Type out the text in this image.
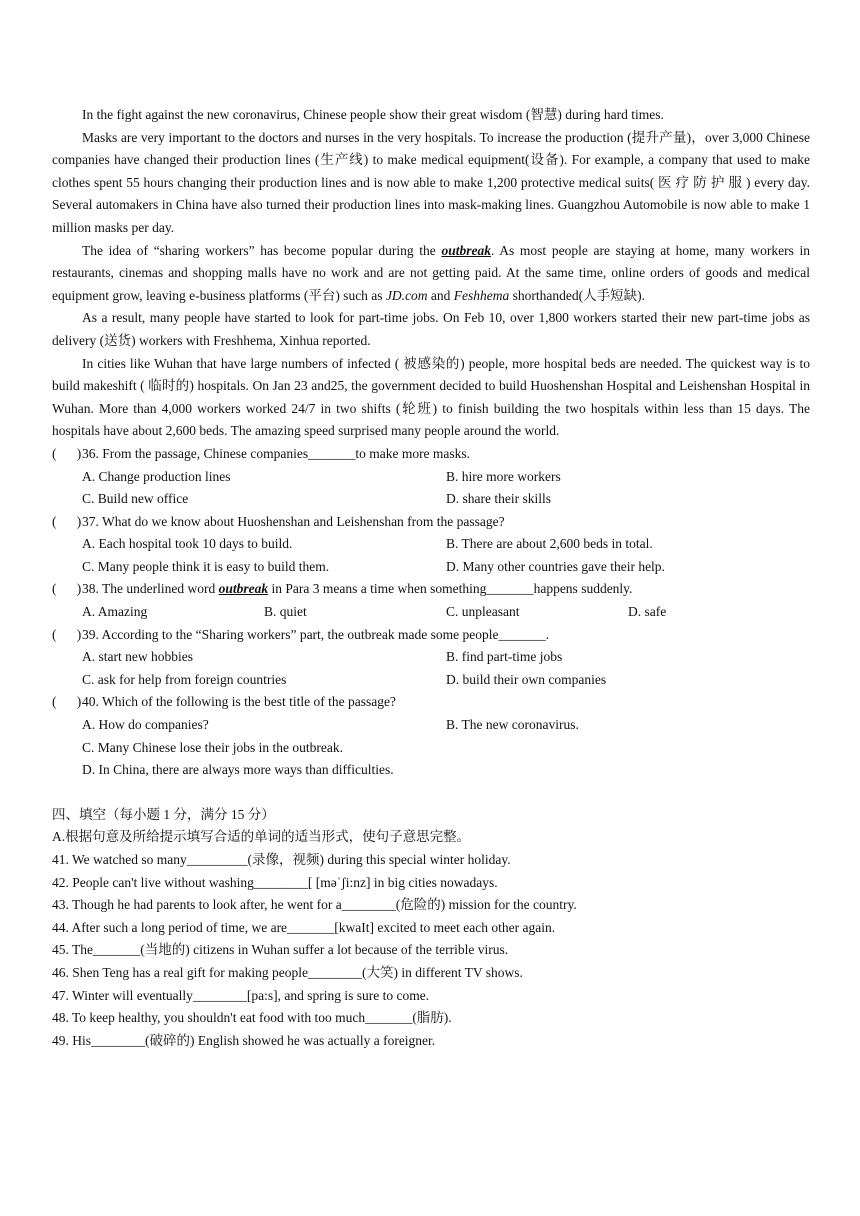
In the fight against the new coronavirus, Chinese people show their great wisdom (智慧) during hard times.

Masks are very important to the doctors and nurses in the very hospitals. To increase the production (提升产量)，over 3,000 Chinese companies have changed their production lines (生产线) to make medical equipment(设备). For example, a company that used to make clothes spent 55 hours changing their production lines and is now able to make 1,200 protective medical suits( 医 疗 防 护 服 ) every day. Several automakers in China have also turned their production lines into mask-making lines. Guangzhou Automobile is now able to make 1 million masks per day.

The idea of “sharing workers” has become popular during the outbreak. As most people are staying at home, many workers in restaurants, cinemas and shopping malls have no work and are not getting paid. At the same time, online orders of goods and medical equipment grow, leaving e-business platforms (平台) such as JD.com and Feshhema shorthanded(人手短缺).

As a result, many people have started to look for part-time jobs. On Feb 10, over 1,800 workers started their new part-time jobs as delivery (送货) workers with Freshhema, Xinhua reported.

In cities like Wuhan that have large numbers of infected ( 被感染的) people, more hospital beds are needed. The quickest way is to build makeshift ( 临时的) hospitals. On Jan 23 and25, the government decided to build Huoshenshan Hospital and Leishenshan Hospital in Wuhan. More than 4,000 workers worked 24/7 in two shifts (轮班) to finish building the two hospitals within less than 15 days. The hospitals have about 2,600 beds. The amazing speed surprised many people around the world.

(      ) 36. From the passage, Chinese companies_______to make more masks.
A. Change production lines	B. hire more workers
C. Build new office	D. share their skills
(      ) 37. What do we know about Huoshenshan and Leishenshan from the passage?
A. Each hospital took 10 days to build.	B. There are about 2,600 beds in total.
C. Many people think it is easy to build them.	D. Many other countries gave their help.
(      ) 38. The underlined word outbreak in Para 3 means a time when something_______happens suddenly.
A. Amazing	B. quiet	C. unpleasant	D. safe
(      ) 39. According to the “Sharing workers” part, the outbreak made some people_______.
A. start new hobbies	B. find part-time jobs
C. ask for help from foreign countries	D. build their own companies
(      ) 40. Which of the following is the best title of the passage?
A. How do companies?	B. The new coronavirus.
C. Many Chinese lose their jobs in the outbreak.
D. In China, there are always more ways than difficulties.

四、填空（每小题 1 分，满分 15 分）

A.根据句意及所给提示填写合适的单词的适当形式，使句子意思完整。

41. We watched so many_________(录像，视频) during this special winter holiday.

42. People can't live without washing________[ [məˈʃi:nz] in big cities nowadays.

43. Though he had parents to look after, he went for a________(危险的) mission for the country.

44. After such a long period of time, we are_______[kwaIt] excited to meet each other again.

45. The_______(当地的) citizens in Wuhan suffer a lot because of the terrible virus.

46. Shen Teng has a real gift for making people________(大笑) in different TV shows.

47. Winter will eventually________[pa:s], and spring is sure to come.

48. To keep healthy, you shouldn't eat food with too much_______(脂肪).

49. His________(破碎的) English showed he was actually a foreigner.
